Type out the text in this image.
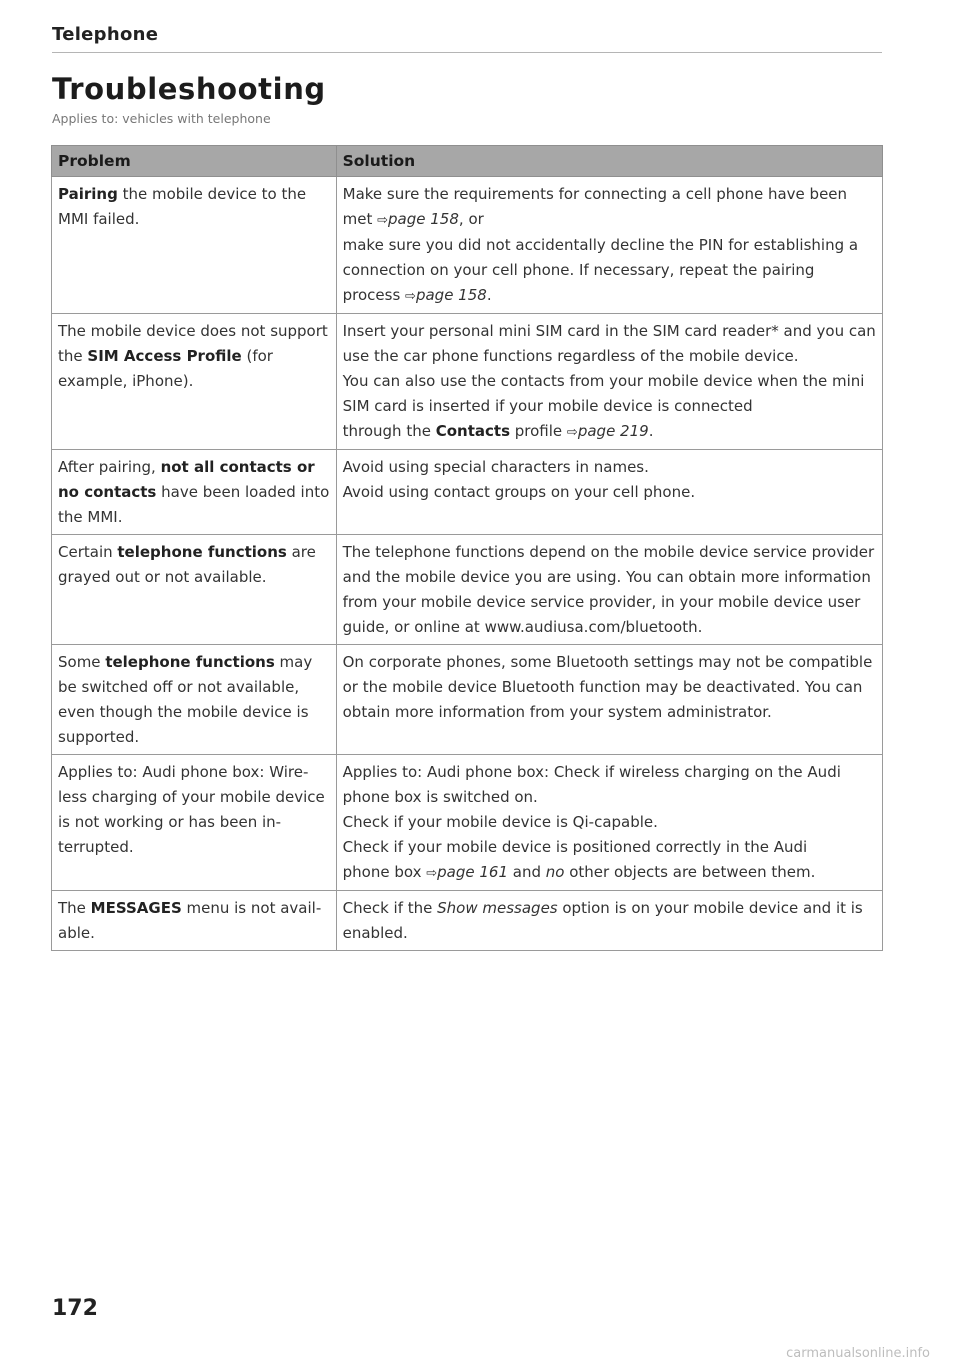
Telephone
Troubleshooting
Applies to: vehicles with telephone
Problem	Solution
Pairing the mobile device to the MMI failed.	Make sure the requirements for connecting a cell phone have been
met ⇨page 158, or
make sure you did not accidentally decline the PIN for establishing a connection on your cell phone. If necessary, repeat the pairing
process ⇨page 158.

The mobile device does not support the SIM Access Profile (for example, iPhone).	Insert your personal mini SIM card in the SIM card reader* and you can use the car phone functions regardless of the mobile device.
You can also use the contacts from your mobile device when the mini SIM card is inserted if your mobile device is connected
through the Contacts profile ⇨page 219.

After pairing, not all contacts or no contacts have been loaded into the MMI.	Avoid using special characters in names.
Avoid using contact groups on your cell phone.

Certain telephone functions are grayed out or not available.	The telephone functions depend on the mobile device service provider and the mobile device you are using. You can obtain more information from your mobile device service provider, in your mobile device user guide, or online at www.audiusa.com/bluetooth.

Some telephone functions may be switched off or not available, even though the mobile device is supported.	On corporate phones, some Bluetooth settings may not be compatible or the mobile device Bluetooth function may be deactivated. You can obtain more information from your system administrator.

Applies to: Audi phone box: Wireless charging of your mobile device is not working or has been interrupted.	Applies to: Audi phone box: Check if wireless charging on the Audi phone box is switched on.
Check if your mobile device is Qi-capable.
Check if your mobile device is positioned correctly in the Audi
phone box ⇨page 161 and no other objects are between them.

The MESSAGES menu is not available.	Check if the Show messages option is on your mobile device and it is enabled.
172
carmanualsonline.info
